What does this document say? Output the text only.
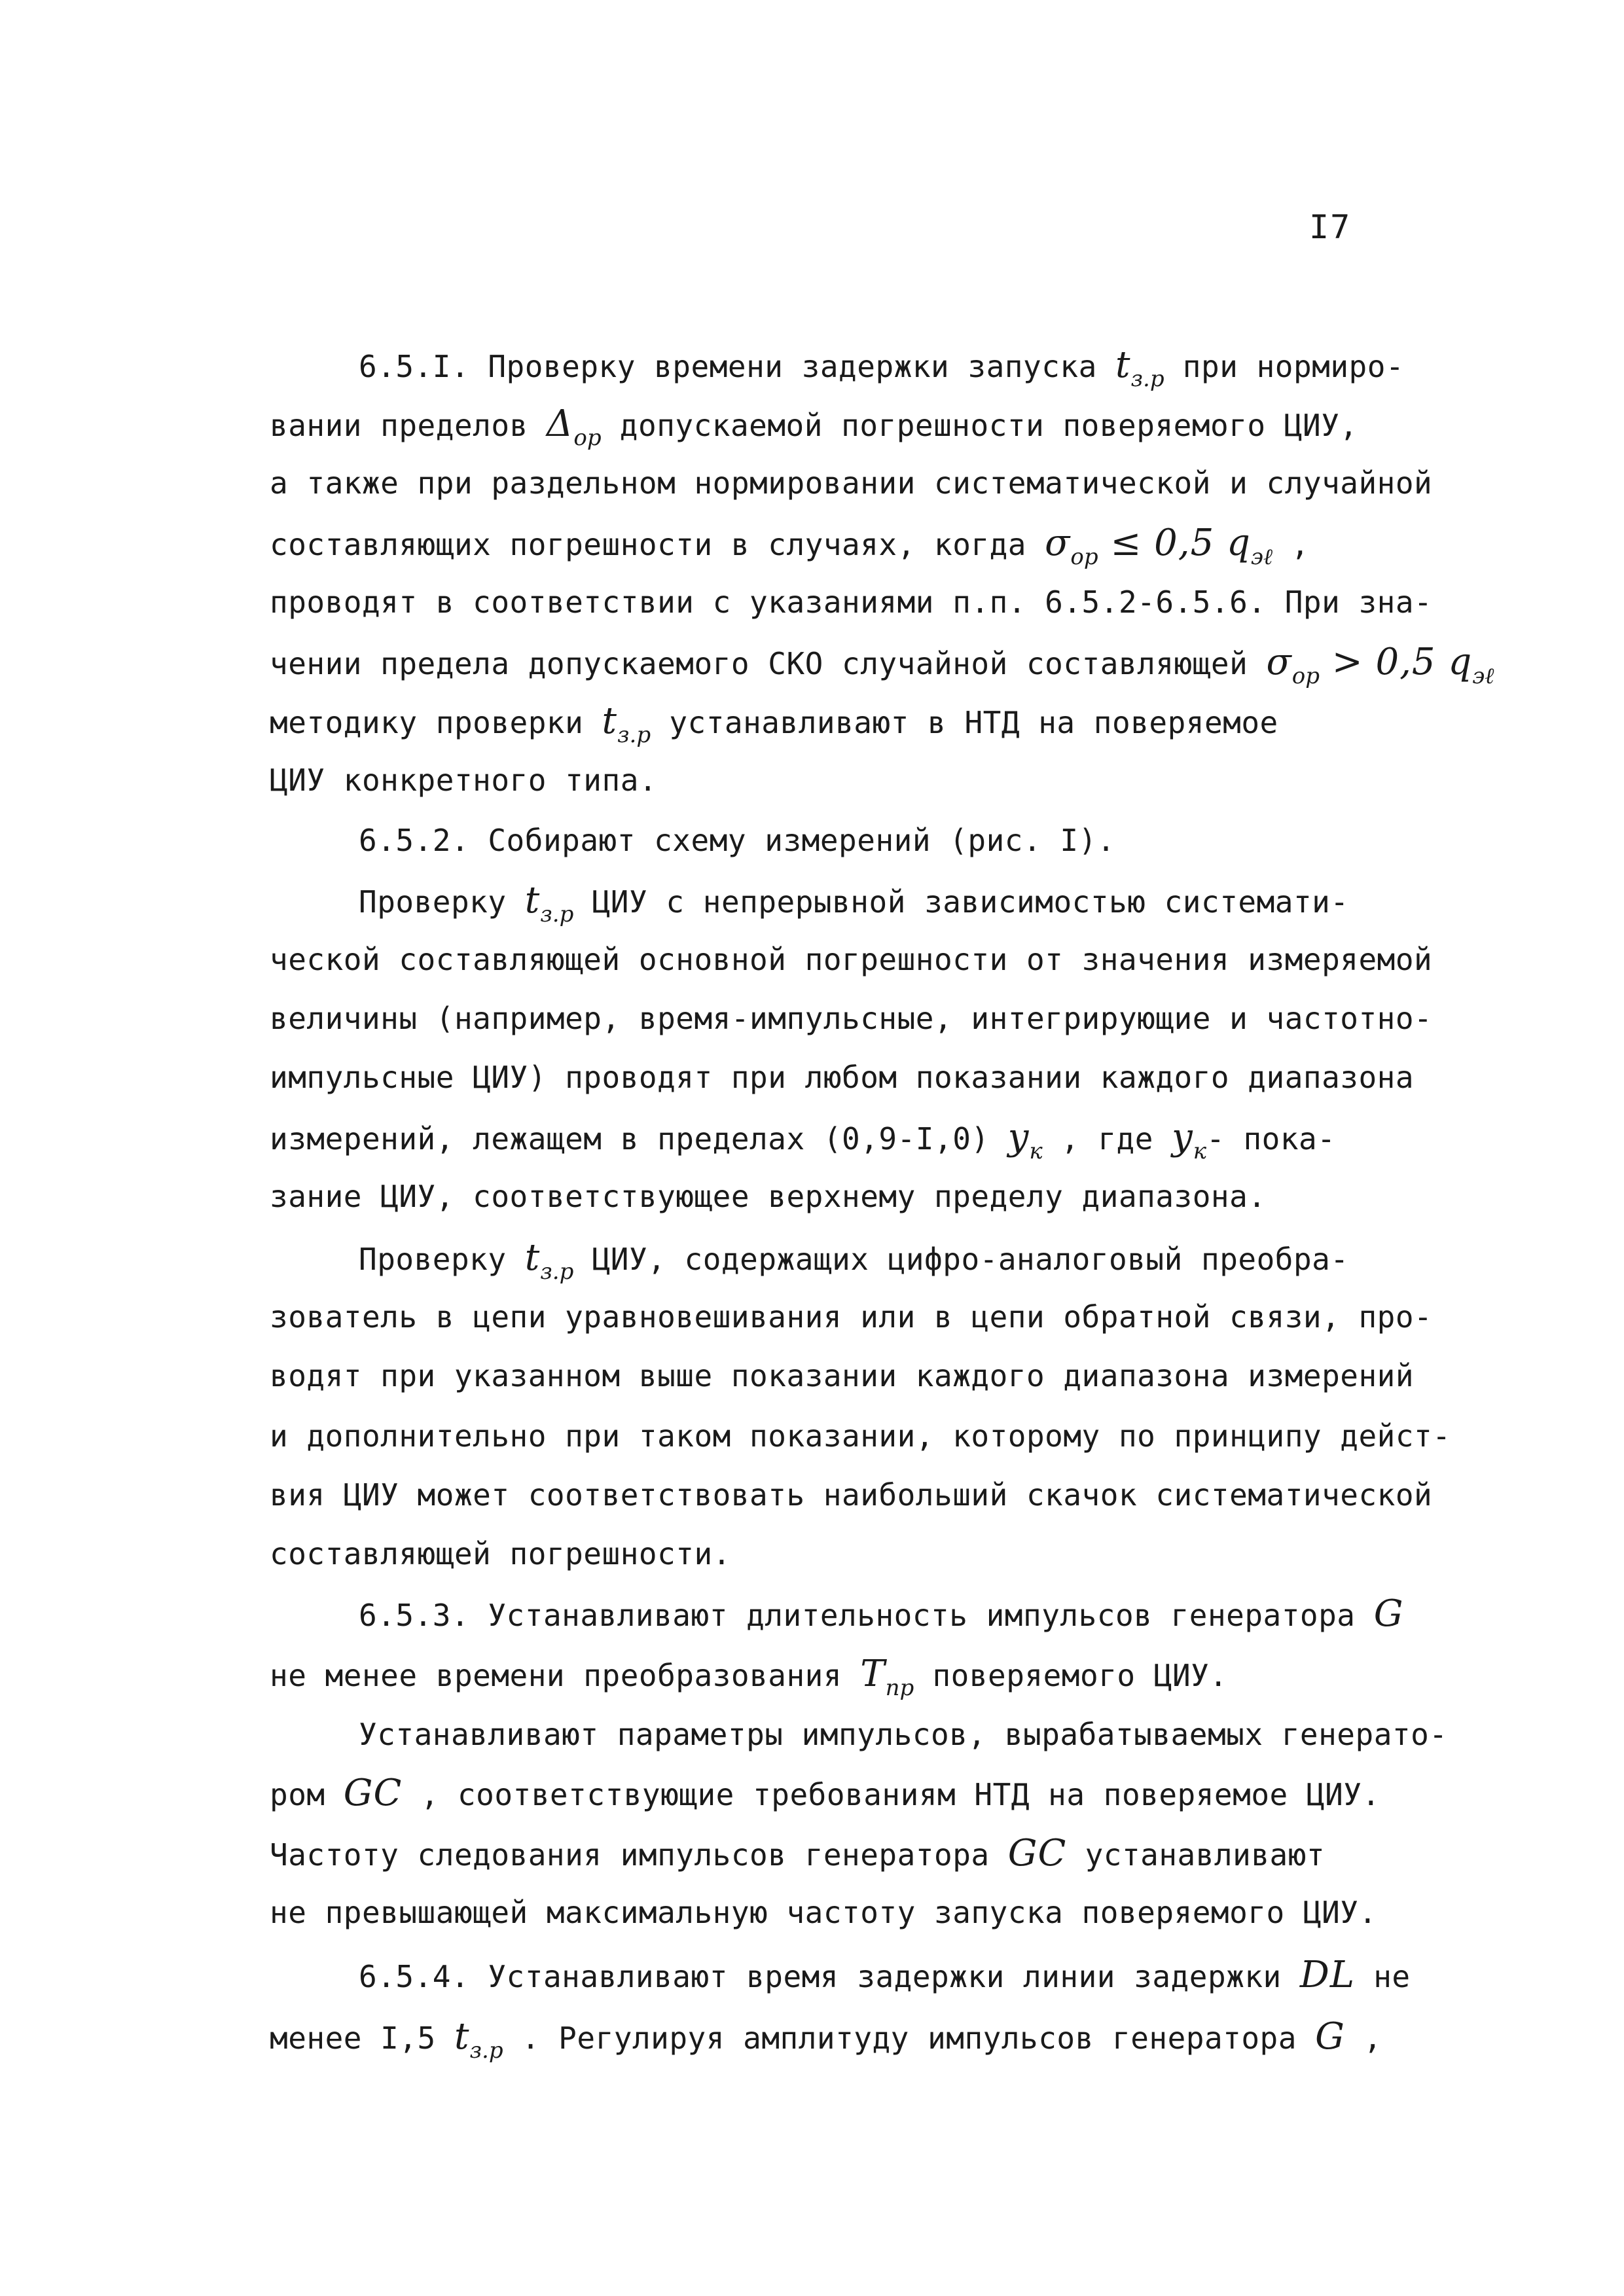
I7
6.5.I. Проверку времени задержки запуска $t_{з.р}$ при нормиро-
вании пределов $\Delta_{ор}$ допускаемой погрешности поверяемого ЦИУ,
а также при раздельном нормировании систематической и случайной
составляющих погрешности в случаях, когда $\sigma_{ор} \le 0,5$ $q_{э\ell}$ ,
проводят в соответствии с указаниями п.п. 6.5.2-6.5.6. При зна-
чении предела допускаемого СКО случайной составляющей $\sigma_{ор} > 0,5$ $q_{э\ell}$
методику проверки $t_{з.р}$ устанавливают в НТД на поверяемое
ЦИУ конкретного типа.
6.5.2. Собирают схему измерений (рис. I).
Проверку $t_{з.р}$ ЦИУ с непрерывной зависимостью системати-
ческой составляющей основной погрешности от значения измеряемой
величины (например, время-импульсные, интегрирующие и частотно-
импульсные ЦИУ) проводят при любом показании каждого диапазона
измерений, лежащем в пределах (0,9-I,0) $y_к$ , где $y_к-$ пока-
зание ЦИУ, соответствующее верхнему пределу диапазона.
Проверку $t_{з.р}$ ЦИУ, содержащих цифро-аналоговый преобра-
зователь в цепи уравновешивания или в цепи обратной связи, про-
водят при указанном выше показании каждого диапазона измерений
и дополнительно при таком показании, которому по принципу дейст-
вия ЦИУ может соответствовать наибольший скачок систематической
составляющей погрешности.
6.5.3. Устанавливают длительность импульсов генератора G
не менее времени преобразования $T_{пр}$ поверяемого ЦИУ.
Устанавливают параметры импульсов, вырабатываемых генерато-
ром GC , соответствующие требованиям НТД на поверяемое ЦИУ.
Частоту следования импульсов генератора GC устанавливают
не превышающей максимальную частоту запуска поверяемого ЦИУ.
6.5.4. Устанавливают время задержки линии задержки DL не
менее I,5 $t_{з.р}$ . Регулируя амплитуду импульсов генератора G ,
